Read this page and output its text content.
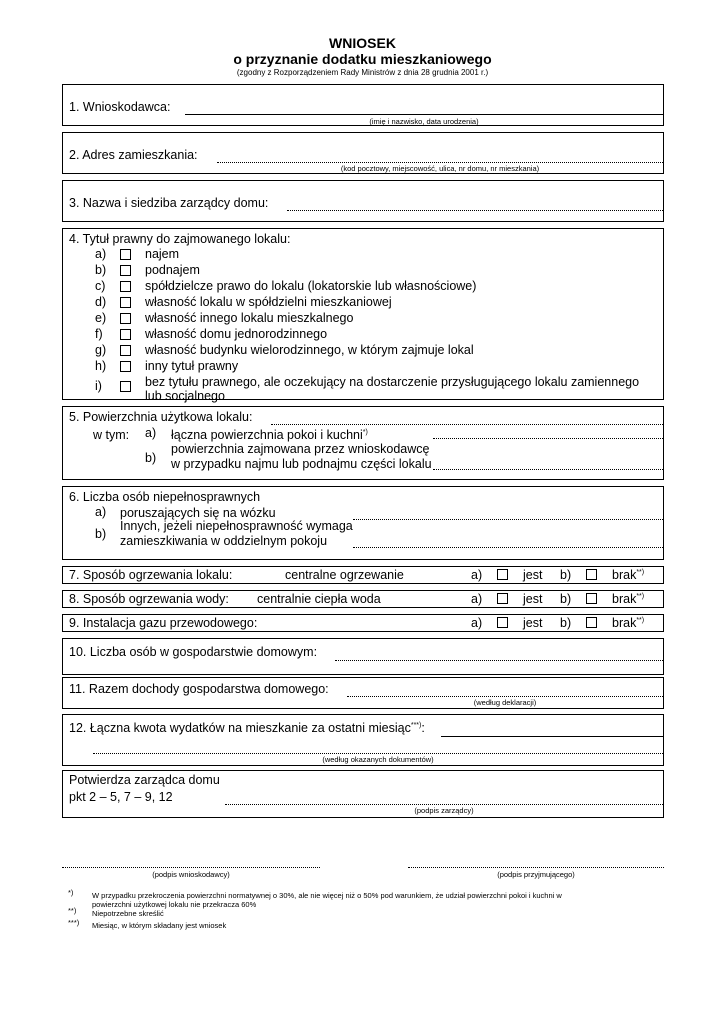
WNIOSEK
o przyznanie dodatku mieszkaniowego
(zgodny z Rozporządzeniem Rady Ministrów z dnia 28 grudnia 2001 r.)
1. Wnioskodawca:
(imię i nazwisko, data urodzenia)
2. Adres zamieszkania:
(kod pocztowy, miejscowość, ulica, nr domu, nr mieszkania)
3. Nazwa i siedziba zarządcy domu:
4. Tytuł prawny do zajmowanego lokalu:
a)	najem
b)	podnajem
c)	spółdzielcze prawo do lokalu (lokatorskie lub własnościowe)
d)	własność lokalu w spółdzielni mieszkaniowej
e)	własność innego lokalu mieszkalnego
f)	własność domu jednorodzinnego
g)	własność budynku wielorodzinnego, w którym zajmuje lokal
h)	inny tytuł prawny
i)	bez tytułu prawnego, ale oczekujący na dostarczenie przysługującego lokalu zamiennego lub socjalnego
5. Powierzchnia użytkowa lokalu:
w tym: a) łączna powierzchnia pokoi i kuchni*)
b)
powierzchnia zajmowana przez wnioskodawcę
w przypadku najmu lub podnajmu części lokalu
6. Liczba osób niepełnosprawnych
a) poruszających się na wózku
b)
Innych, jeżeli niepełnosprawność wymaga
zamieszkiwania w oddzielnym pokoju
7. Sposób ogrzewania lokalu:	centralne ogrzewanie	a)	jest b)	brak**)
8. Sposób ogrzewania wody: centralnie ciepła woda	a)	jest b)	brak**)
9. Instalacja gazu przewodowego:	a)	jest b)	brak**)
10. Liczba osób w gospodarstwie domowym:
11. Razem dochody gospodarstwa domowego:
(według deklaracji)
12. Łączna kwota wydatków na mieszkanie za ostatni miesiąc***):
(według okazanych dokumentów)
Potwierdza zarządca domu
pkt 2 – 5, 7 – 9, 12
(podpis zarządcy)
(podpis wnioskodawcy)	(podpis przyjmującego)
*) W przypadku przekroczenia powierzchni normatywnej o 30%, ale nie więcej niż o 50% pod warunkiem, że udział powierzchni pokoi i kuchni w
powierzchni użytkowej lokalu nie przekracza 60%
**) Niepotrzebne skreślić
***) Miesiąc, w którym składany jest wniosek
